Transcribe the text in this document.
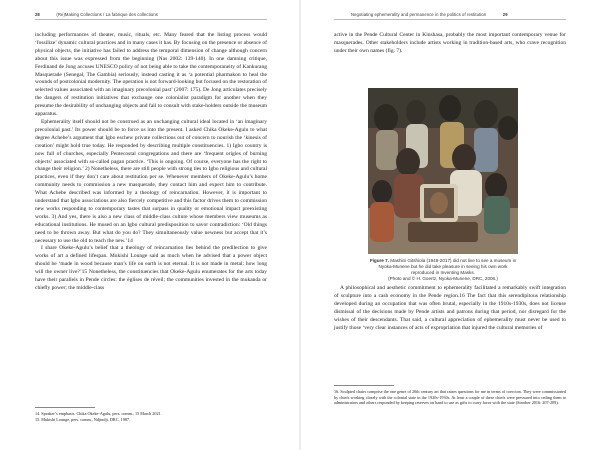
28	(Re)Making Collections / La fabrique des collections

including performances of theater, music, rituals, etc. Many feared that the listing process would ‘fossilize’ dynamic cultural practices and in many cases it has. By focusing on the presence or absence of physical objects, the initiative has failed to address the temporal dimension of change although concern about this issue was expressed from the beginning (Nas 2002: 139-140). In one damning critique, Ferdinand de Jong accuses UNESCO policy of not being able to take the contemporaneity of Kankurang Masquerade (Senegal, The Gambia) seriously, instead casting it as ‘a potential pharmakon to heal the wounds of postcolonial modernity. The operation is not forward-looking but focused on the restoration of selected values associated with an imaginary precolonial past’ (2007: 175). De Jong articulates precisely the dangers of restitution initiatives that exchange one colonialist paradigm for another when they presume the desirability of unchanging objects and fail to consult with stake-holders outside the museum apparatus.

Ephemerality itself should not be construed as an unchanging cultural ideal located in ‘an imaginary precolonial past.’ Its power should be to force us into the present. I asked Chika Okeke-Agulu to what degree Achebe’s argument that Igbo eschew private collections out of concern to nourish the ‘kinesis of creation’ might hold true today. He responded by describing multiple constituencies. 1) Igbo country is now full of churches, especially Pentecostal congregations and there are ‘frequent origies of burning objects’ associated with so-called pagan practice. ‘This is ongoing. Of course, everyone has the right to change their religion.’ 2) Nonetheless, there are still people with strong ties to Igbo religious and cultural practices, even if they don’t care about restitution per se. Whenever members of Okeke-Agulu’s home community needs to commission a new masquerade, they contact him and expect him to contribute. What Achebe described was informed by a theology of reincarnation. However, it is important to understand that Igbo associations are also fiercely competitive and this factor drives them to commission new works responding to contemporary tastes that surpass in quality or emotional impact preexisting works. 3) And yes, there is also a new class of middle-class culture whose members view museums as educational institutions. He mused on an Igbo cultural predisposition to savor contradiction: ‘Old things need to be thrown away. But what do you do? They simultaneously value newness but accept that it’s necessary to use the old to teach the new.’14

I share Okeke-Agulu’s belief that a theology of reincarnation lies behind the predilection to give works of art a defined lifespan. Mukishi Lounge said as much when he advised that a power object should be ‘made in wood because man’s life on earth is not eternal. It is not made in metal: how long will the owner live?’15 Nonetheless, the constituencies that Okeke-Agulu enumerates for the arts today have their parallels in Pende circles: the églises de réveil; the communities invested in the mukanda or chiefly power; the middle-class

14. Speaker’s emphasis. Chika Okeke-Agulu, pers. comm., 15 March 2021.

15. Mukishi Lounge, pers. comm., Ndjindji, DRC, 1987.

Negotiating ephemerality and permanence in the politics of restitution	29

active in the Pende Cultural Center in Kinshasa, probably the most important contemporary venue for masquerades. Other stakeholders include artists working in tradition-based arts, who crave recognition under their own names (fig. 7).

Figure 7. Mashini Gitshiola (1949-2017) did not live to see a museum in Nyoka-Munene but he did take pleasure in seeing his own work reproduced in Inventing Masks.
(Photo and © H. Goertz, Nyoka-Munene, DRC, 2006.)

A philosophical and aesthetic commitment to ephemerality facilitated a remarkably swift integration of sculpture into a cash economy in the Pende region.16 The fact that this serendipitous relationship developed during an occupation that was often brutal, especially in the 1910s-1930s, does not license dismissal of the decisions made by Pende artists and patrons during that period, nor disregard for the wishes of their descendants. That said, a cultural appreciation of ephemerality must never be used to justify those ‘very clear instances of acts of expropriation that injured the cultural memories of

16. Sculpted chairs comprise the one genre of 20th century art that raises questions for me in terms of coercion. They were commissioned by chiefs working closely with the colonial state in the 1920s-1930s. At least a couple of these chiefs were pressured into ceding them to administrators and others responded by keeping reserves on hand to use as gifts to curry favor with the state (Strother 2016: 207-209).
